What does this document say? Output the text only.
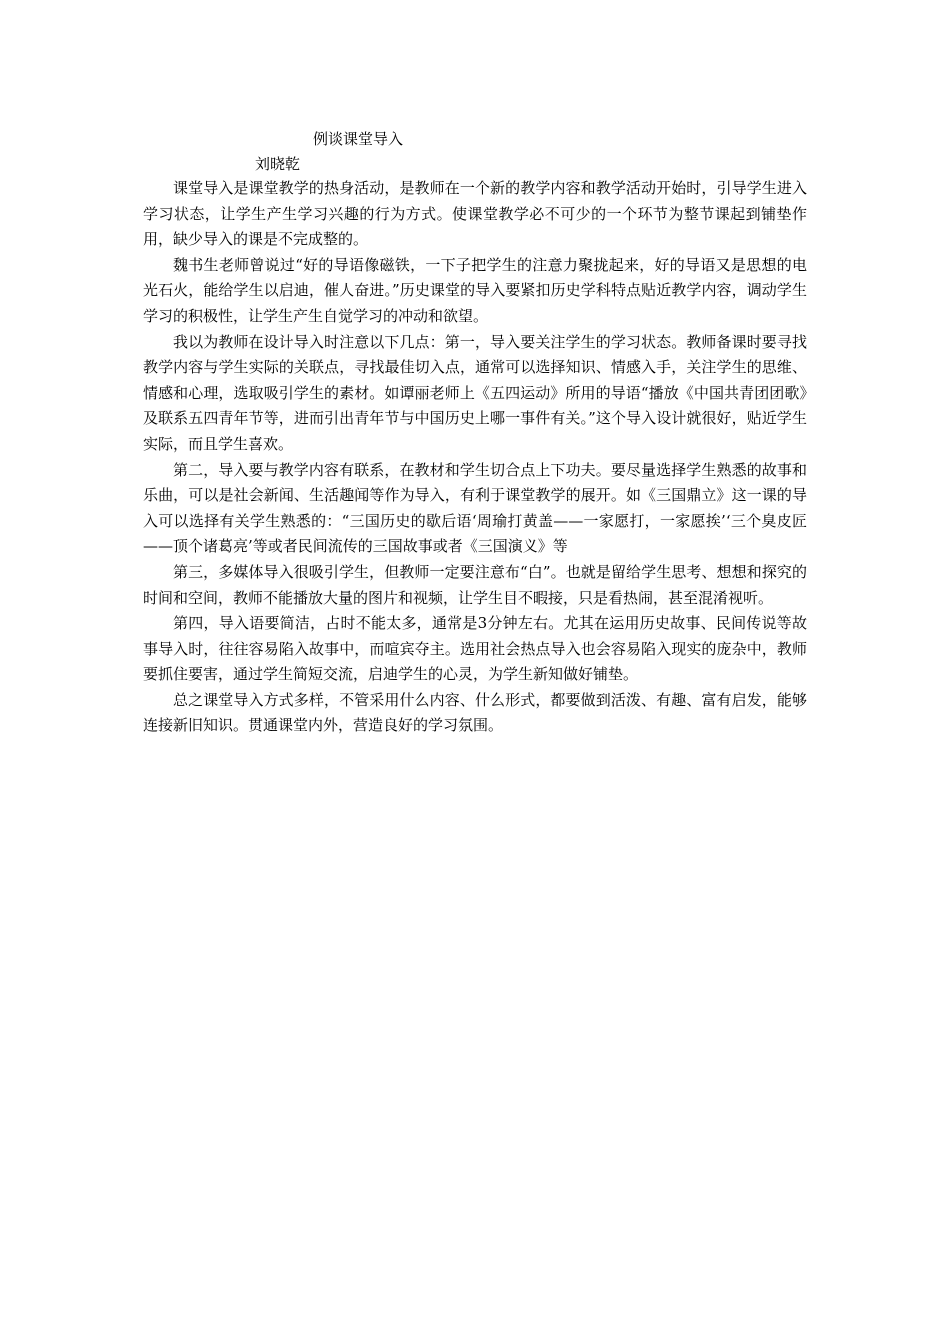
例谈课堂导入
刘晓乾

课堂导入是课堂教学的热身活动，是教师在一个新的教学内容和教学活动开始时，引导学生进入学习状态，让学生产生学习兴趣的行为方式。使课堂教学必不可少的一个环节为整节课起到铺垫作用，缺少导入的课是不完成整的。

魏书生老师曾说过“好的导语像磁铁，一下子把学生的注意力聚拢起来，好的导语又是思想的电光石火，能给学生以启迪，催人奋进。”历史课堂的导入要紧扣历史学科特点贴近教学内容，调动学生学习的积极性，让学生产生自觉学习的冲动和欲望。

我以为教师在设计导入时注意以下几点：第一，导入要关注学生的学习状态。教师备课时要寻找教学内容与学生实际的关联点，寻找最佳切入点，通常可以选择知识、情感入手，关注学生的思维、情感和心理，选取吸引学生的素材。如谭丽老师上《五四运动》所用的导语“播放《中国共青团团歌》及联系五四青年节等，进而引出青年节与中国历史上哪一事件有关。”这个导入设计就很好，贴近学生实际，而且学生喜欢。

第二，导入要与教学内容有联系，在教材和学生切合点上下功夫。要尽量选择学生熟悉的故事和乐曲，可以是社会新闻、生活趣闻等作为导入，有利于课堂教学的展开。如《三国鼎立》这一课的导入可以选择有关学生熟悉的：“三国历史的歇后语‘周瑜打黄盖——一家愿打，一家愿挨’‘三个臭皮匠——顶个诸葛亮’等或者民间流传的三国故事或者《三国演义》等

第三，多媒体导入很吸引学生，但教师一定要注意布“白”。也就是留给学生思考、想想和探究的时间和空间，教师不能播放大量的图片和视频，让学生目不暇接，只是看热闹，甚至混淆视听。

第四，导入语要简洁，占时不能太多，通常是3分钟左右。尤其在运用历史故事、民间传说等故事导入时，往往容易陷入故事中，而喧宾夺主。选用社会热点导入也会容易陷入现实的庞杂中，教师要抓住要害，通过学生简短交流，启迪学生的心灵，为学生新知做好铺垫。

总之课堂导入方式多样，不管采用什么内容、什么形式，都要做到活泼、有趣、富有启发，能够连接新旧知识。贯通课堂内外，营造良好的学习氛围。
